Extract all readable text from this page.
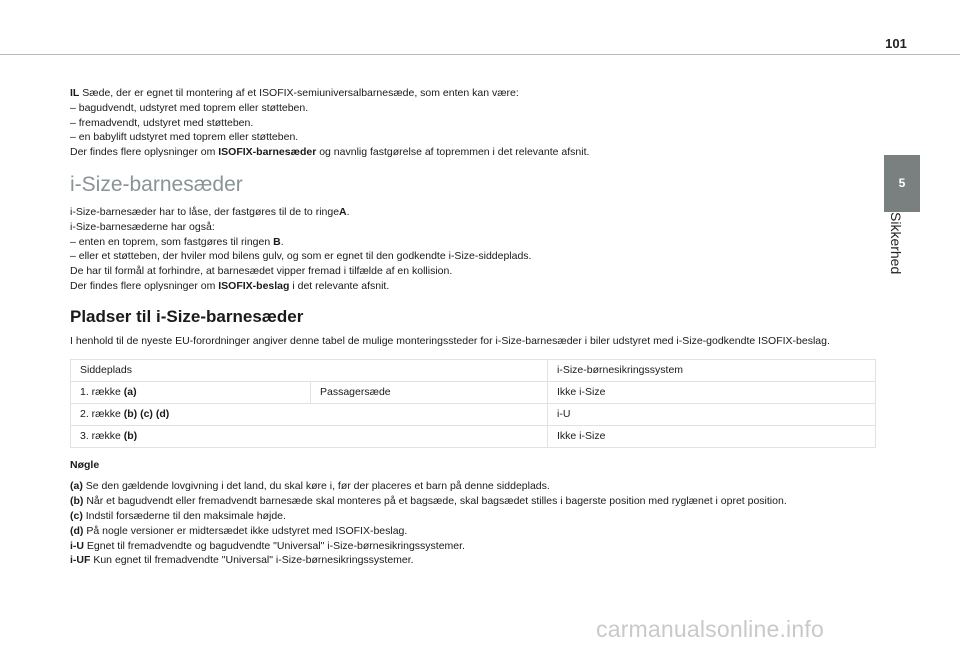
101
5
Sikkerhed

IL Sæde, der er egnet til montering af et ISOFIX-semiuniversalbarnesæde, som enten kan være:

– bagudvendt, udstyret med toprem eller støtteben.

– fremadvendt, udstyret med støtteben.

– en babylift udstyret med toprem eller støtteben.

Der findes flere oplysninger om ISOFIX-barnesæder og navnlig fastgørelse af topremmen i det relevante afsnit.

i-Size-barnesæder

i-Size-barnesæder har to låse, der fastgøres til de to ringeA.

i-Size-barnesæderne har også:

– enten en toprem, som fastgøres til ringen B.

– eller et støtteben, der hviler mod bilens gulv, og som er egnet til den godkendte i-Size-siddeplads.

De har til formål at forhindre, at barnesædet vipper fremad i tilfælde af en kollision.

Der findes flere oplysninger om ISOFIX-beslag i det relevante afsnit.

Pladser til i-Size-barnesæder

I henhold til de nyeste EU-forordninger angiver denne tabel de mulige monteringssteder for i-Size-barnesæder i biler udstyret med i-Size-godkendte ISOFIX-beslag.

Siddeplads		i-Size-børnesikringssystem
1. række (a)	Passagersæde	Ikke i-Size
2. række (b) (c) (d)		i-U
3. række (b)		Ikke i-Size

Nøgle

(a) Se den gældende lovgivning i det land, du skal køre i, før der placeres et barn på denne siddeplads.

(b) Når et bagudvendt eller fremadvendt barnesæde skal monteres på et bagsæde, skal bagsædet stilles i bagerste position med ryglænet i opret position.

(c) Indstil forsæderne til den maksimale højde.

(d) På nogle versioner er midtersædet ikke udstyret med ISOFIX-beslag.

i-U Egnet til fremadvendte og bagudvendte "Universal" i-Size-børnesikringssystemer.

i-UF Kun egnet til fremadvendte "Universal" i-Size-børnesikringssystemer.

carmanualsonline.info
